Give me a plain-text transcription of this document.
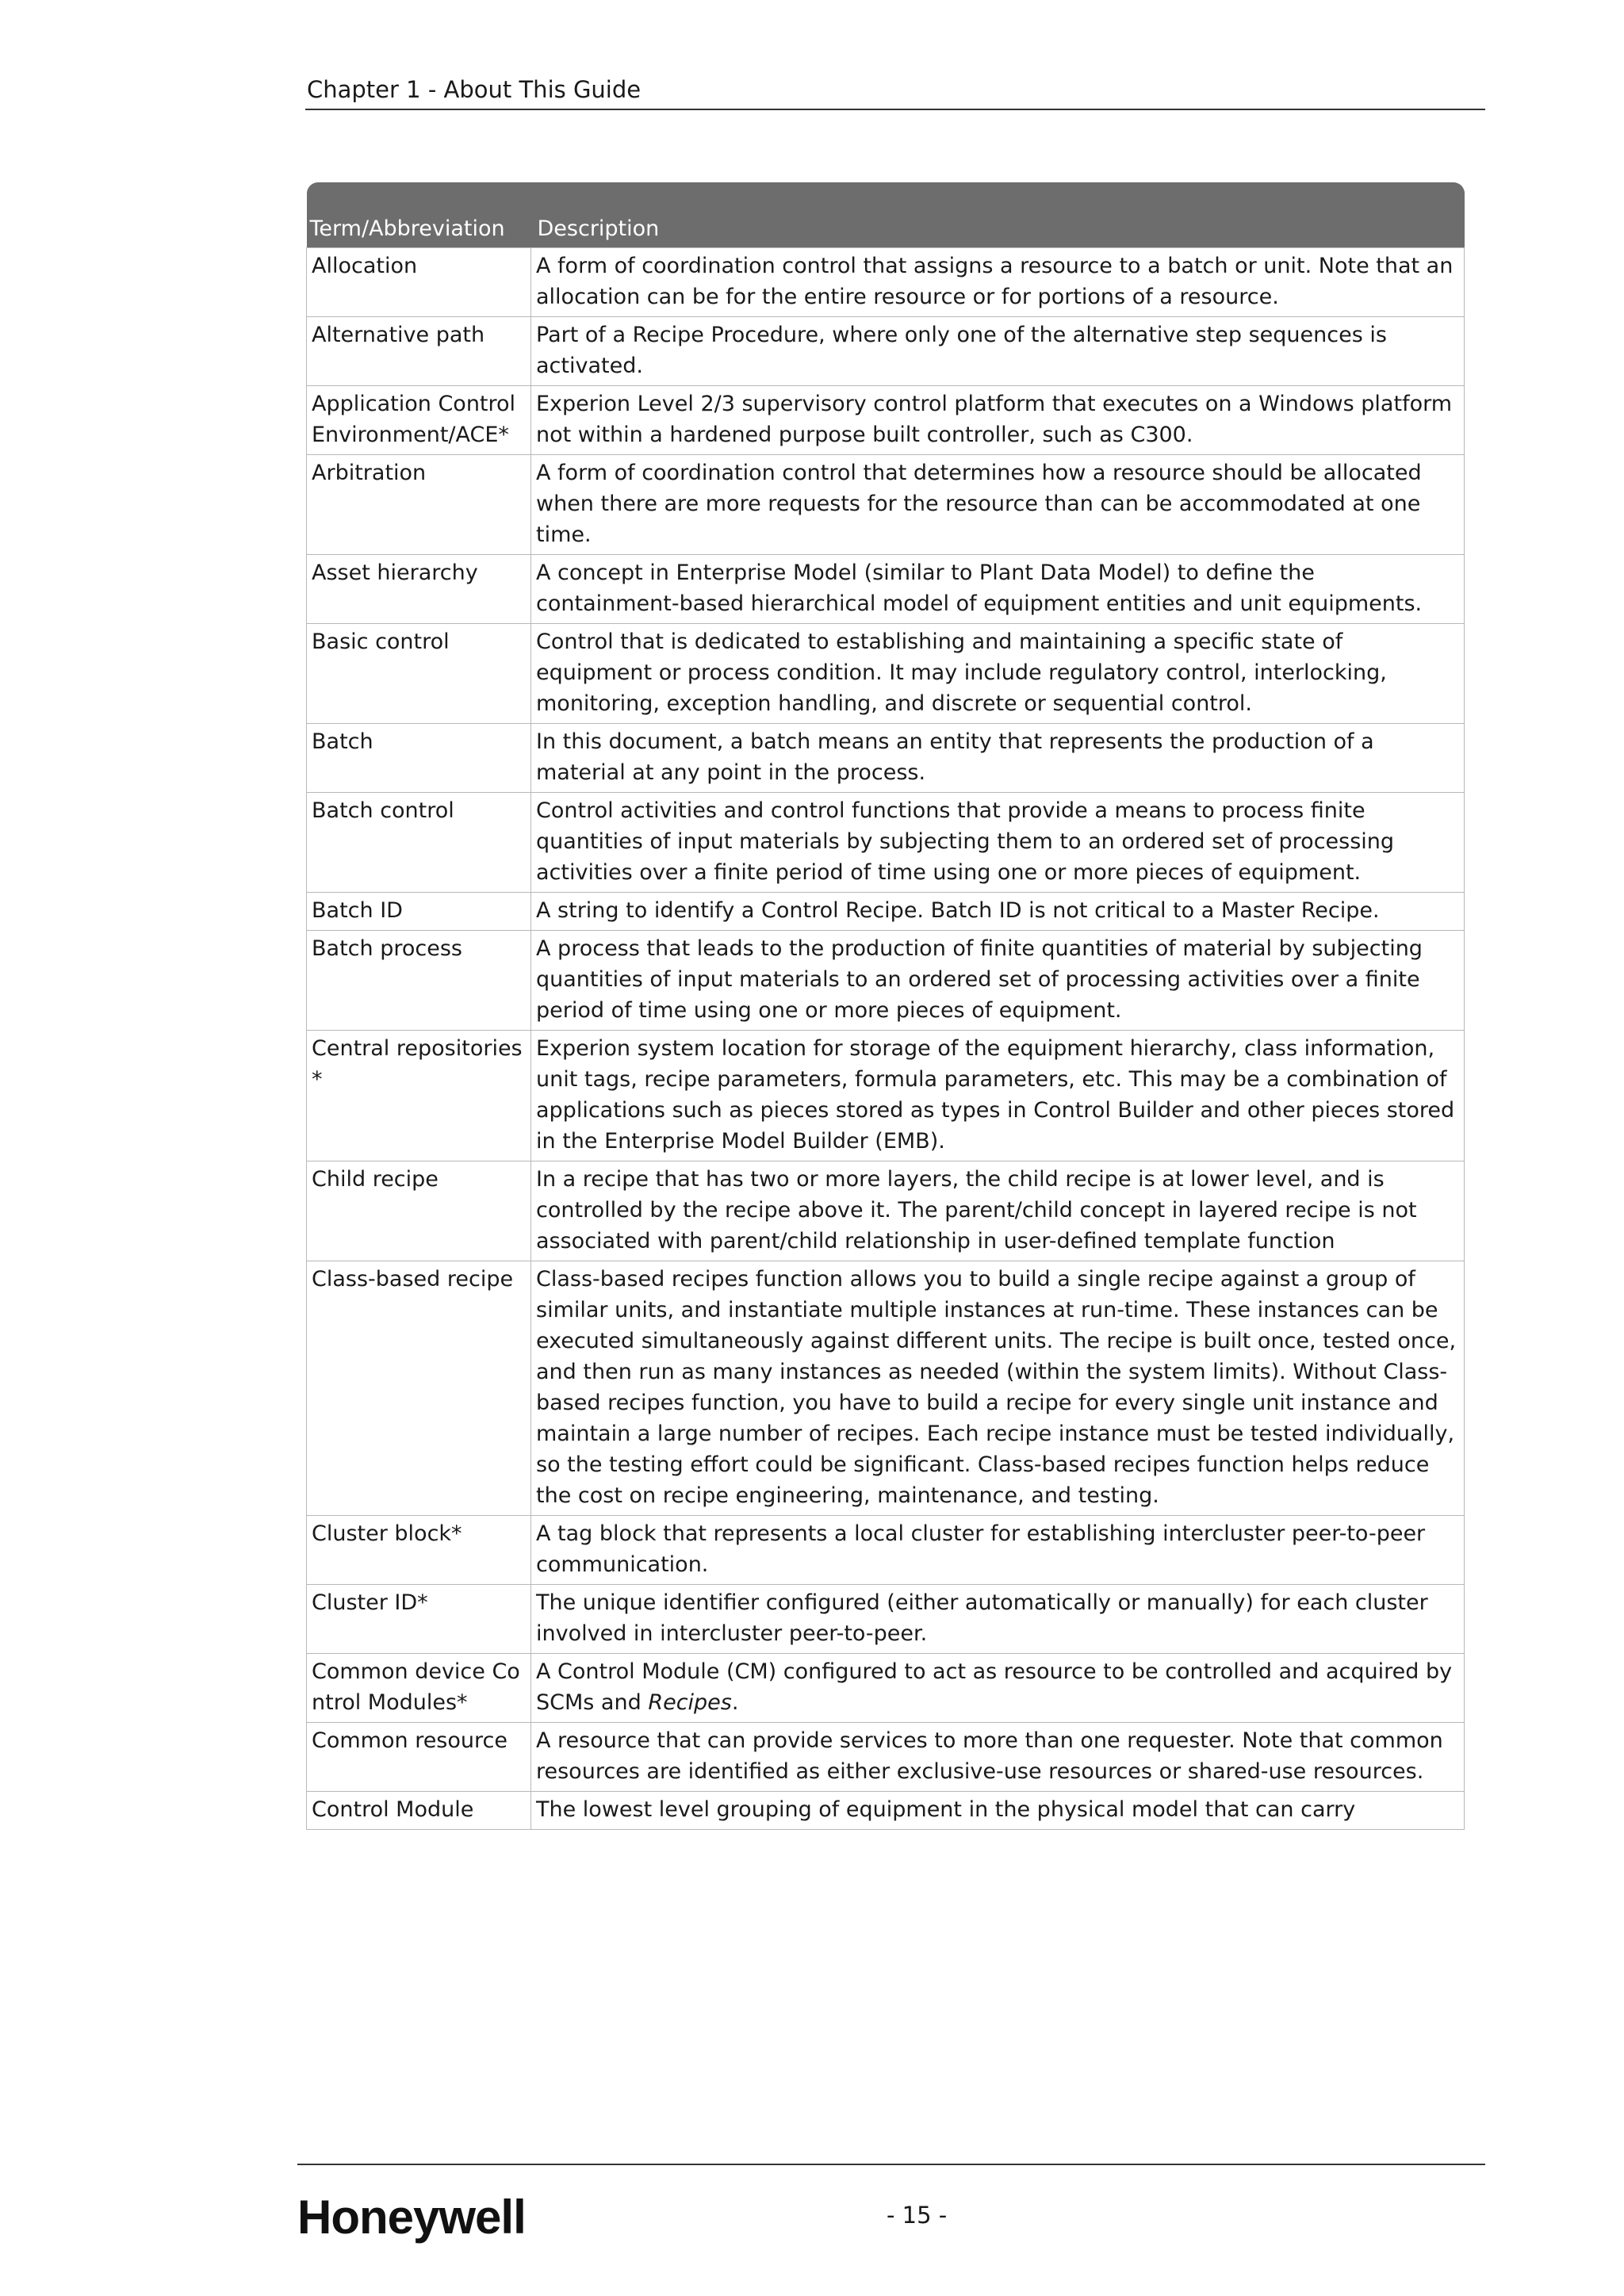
Chapter 1 - About This Guide
Term/Abbreviation	Description
Allocation	A form of coordination control that assigns a resource to a batch or unit. Note that an allocation can be for the entire resource or for portions of a resource.
Alternative path	Part of a Recipe Procedure, where only one of the alternative step sequences is activated.
Application Control Environment/ACE*	Experion Level 2/3 supervisory control platform that executes on a Windows platform not within a hardened purpose built controller, such as C300.
Arbitration	A form of coordination control that determines how a resource should be allocated when there are more requests for the resource than can be accommodated at one time.
Asset hierarchy	A concept in Enterprise Model (similar to Plant Data Model) to define the containment-based hierarchical model of equipment entities and unit equipments.
Basic control	Control that is dedicated to establishing and maintaining a specific state of equipment or process condition. It may include regulatory control, interlocking, monitoring, exception handling, and discrete or sequential control.
Batch	In this document, a batch means an entity that represents the production of a material at any point in the process.
Batch control	Control activities and control functions that provide a means to process finite quantities of input materials by subjecting them to an ordered set of processing activities over a finite period of time using one or more pieces of equipment.
Batch ID	A string to identify a Control Recipe. Batch ID is not critical to a Master Recipe.
Batch process	A process that leads to the production of finite quantities of material by subjecting quantities of input materials to an ordered set of processing activities over a finite period of time using one or more pieces of equipment.
Central repositories*	Experion system location for storage of the equipment hierarchy, class information, unit tags, recipe parameters, formula parameters, etc. This may be a combination of applications such as pieces stored as types in Control Builder and other pieces stored in the Enterprise Model Builder (EMB).
Child recipe	In a recipe that has two or more layers, the child recipe is at lower level, and is controlled by the recipe above it. The parent/child concept in layered recipe is not associated with parent/child relationship in user-defined template function
Class-based recipe	Class-based recipes function allows you to build a single recipe against a group of similar units, and instantiate multiple instances at run-time. These instances can be executed simultaneously against different units. The recipe is built once, tested once, and then run as many instances as needed (within the system limits). Without Class-based recipes function, you have to build a recipe for every single unit instance and maintain a large number of recipes. Each recipe instance must be tested individually, so the testing effort could be significant. Class-based recipes function helps reduce the cost on recipe engineering, maintenance, and testing.
Cluster block*	A tag block that represents a local cluster for establishing intercluster peer-to-peer communication.
Cluster ID*	The unique identifier configured (either automatically or manually) for each cluster involved in intercluster peer-to-peer.
Common device Control Modules*	A Control Module (CM) configured to act as resource to be controlled and acquired by SCMs and Recipes.
Common resource	A resource that can provide services to more than one requester. Note that common resources are identified as either exclusive-use resources or shared-use resources.
Control Module	The lowest level grouping of equipment in the physical model that can carry
Honeywell	- 15 -
